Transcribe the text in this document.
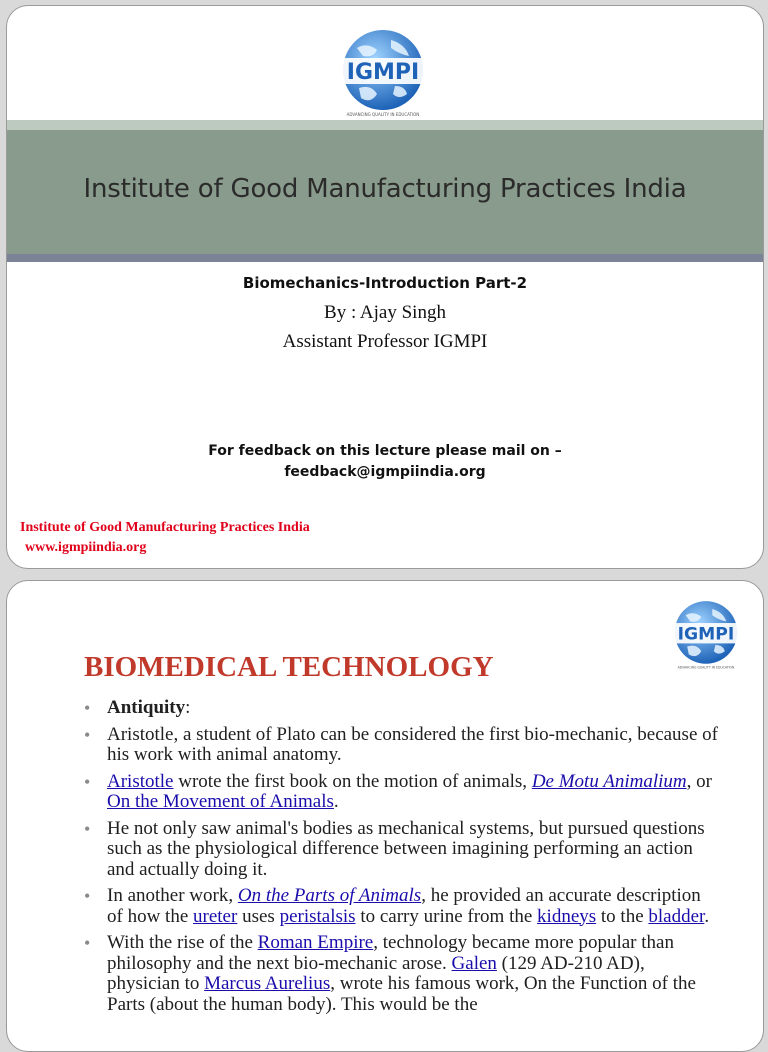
IGMPI
ADVANCING QUALITY IN EDUCATION
Institute of Good Manufacturing Practices India
Biomechanics-Introduction Part-2
By : Ajay Singh
Assistant Professor IGMPI
For feedback on this lecture please mail on –
feedback@igmpiindia.org
Institute of Good Manufacturing Practices India
www.igmpiindia.org
IGMPI
ADVANCING QUALITY IN EDUCATION
BIOMEDICAL TECHNOLOGY
• Antiquity:
• Aristotle, a student of Plato can be considered the first bio-mechanic, because of his work with animal anatomy.
• Aristotle wrote the first book on the motion of animals, De Motu Animalium, or On the Movement of Animals.
• He not only saw animal's bodies as mechanical systems, but pursued questions such as the physiological difference between imagining performing an action and actually doing it.
• In another work, On the Parts of Animals, he provided an accurate description of how the ureter uses peristalsis to carry urine from the kidneys to the bladder.
• With the rise of the Roman Empire, technology became more popular than philosophy and the next bio-mechanic arose. Galen (129 AD-210 AD), physician to Marcus Aurelius, wrote his famous work, On the Function of the Parts (about the human body). This would be the
